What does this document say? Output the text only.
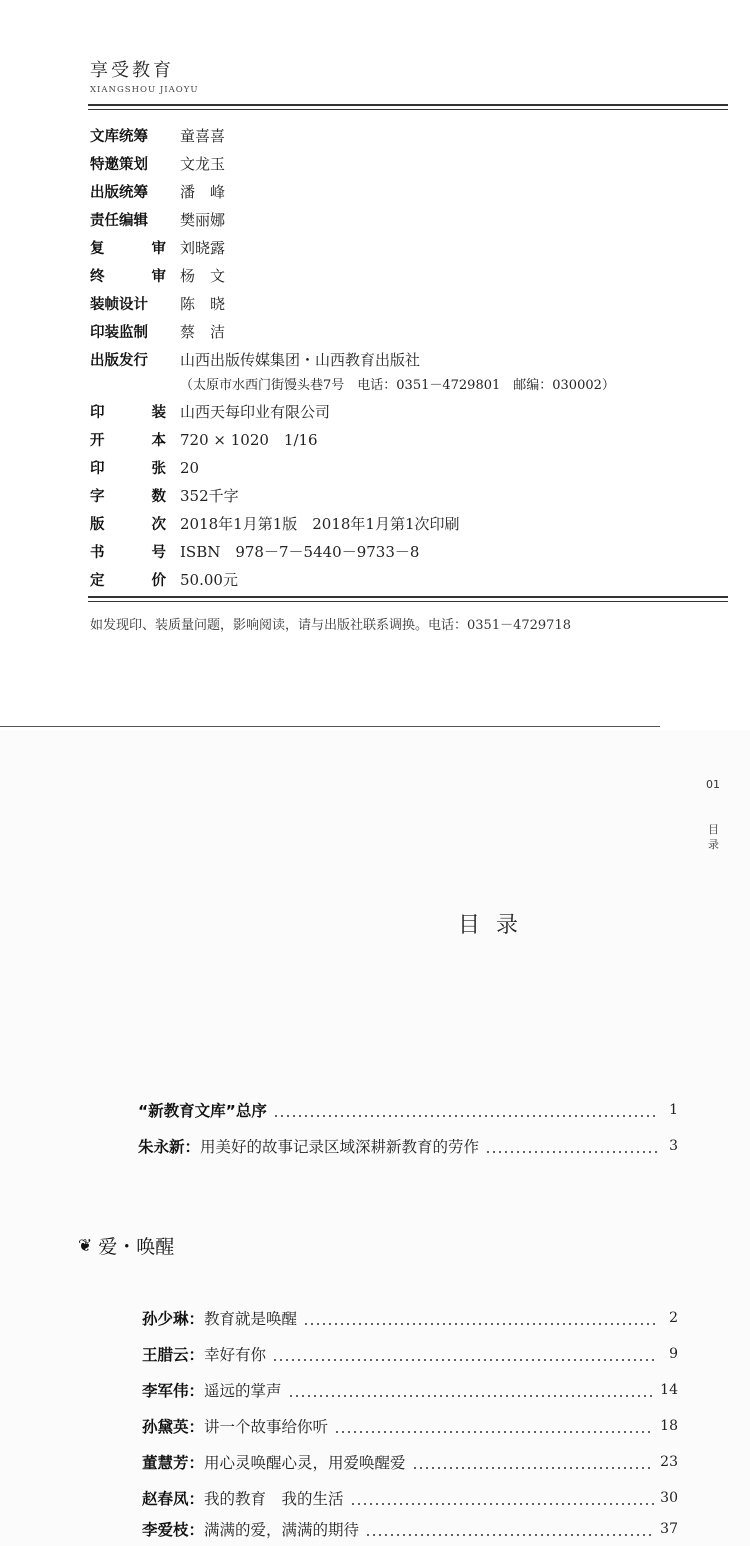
享受教育
XIANGSHOU JIAOYU
文库统筹 童喜喜
特邀策划 文龙玉
出版统筹 潘　峰
责任编辑 樊丽娜
复	审 刘晓露
终	审 杨　文
装帧设计 陈　晓
印装监制 蔡　洁
出版发行 山西出版传媒集团・山西教育出版社
（太原市水西门街馒头巷7号　电话：0351－4729801　邮编：030002）
印	装 山西天每印业有限公司
开	本 720 × 1020　1/16
印	张 20
字	数 352千字
版	次 2018年1月第1版　2018年1月第1次印刷
书	号 ISBN　978－7－5440－9733－8
定	价 50.00元
如发现印、装质量问题，影响阅读，请与出版社联系调换。电话：0351－4729718
01
目录
目录
“新教育文库”总序	1
朱永新： 用美好的故事记录区域深耕新教育的劳作	3
❦ 爱・唤醒
孙少琳： 教育就是唤醒	2
王腊云： 幸好有你	9
李军伟： 遥远的掌声	14
孙黛英： 讲一个故事给你听	18
董慧芳： 用心灵唤醒心灵，用爱唤醒爱	23
赵春凤： 我的教育　我的生活	30
李爱枝： 满满的爱，满满的期待	37
